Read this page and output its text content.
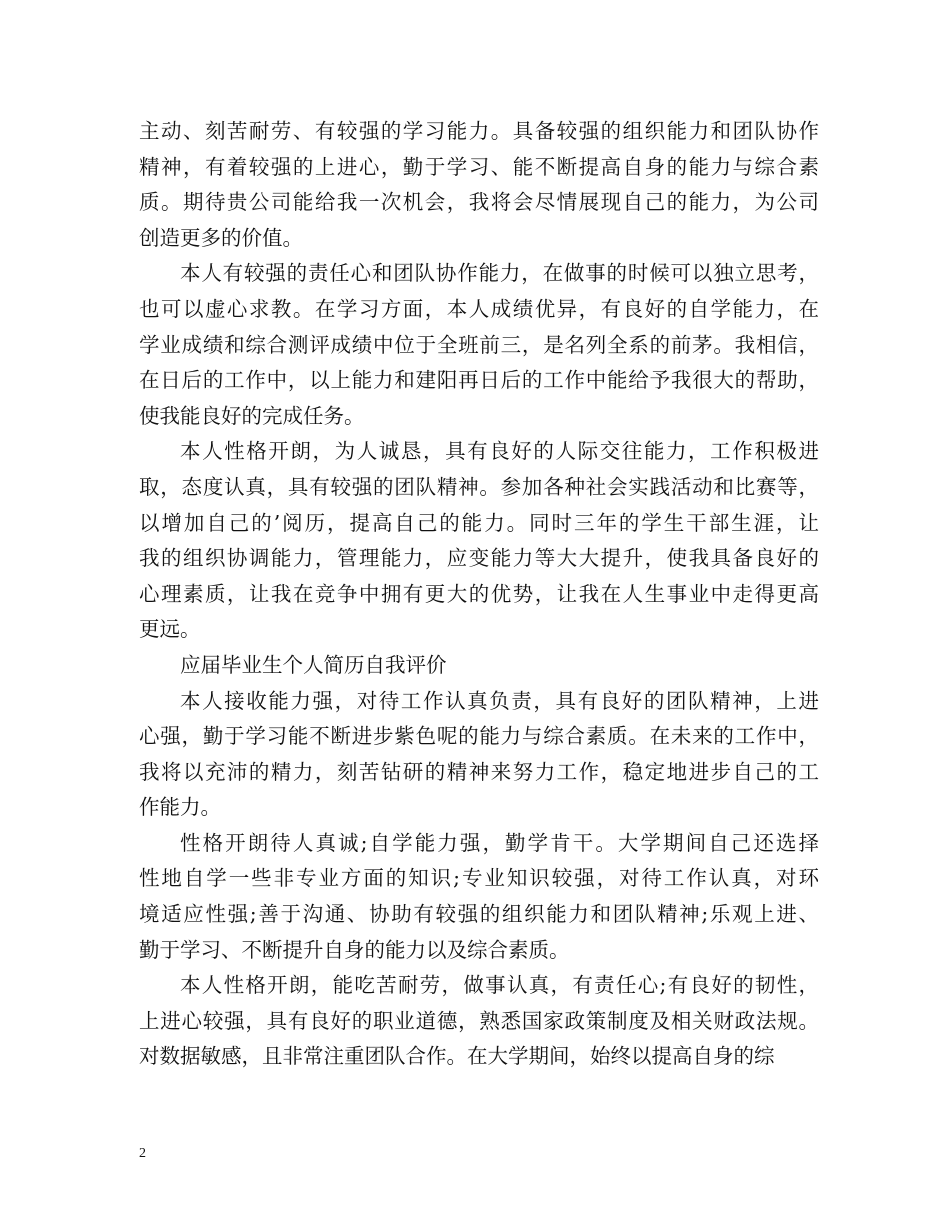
主动、刻苦耐劳、有较强的学习能力。具备较强的组织能力和团队协作
精神，有着较强的上进心，勤于学习、能不断提高自身的能力与综合素
质。期待贵公司能给我一次机会，我将会尽情展现自己的能力，为公司
创造更多的价值。
本人有较强的责任心和团队协作能力，在做事的时候可以独立思考，
也可以虚心求教。在学习方面，本人成绩优异，有良好的自学能力，在
学业成绩和综合测评成绩中位于全班前三，是名列全系的前茅。我相信，
在日后的工作中，以上能力和建阳再日后的工作中能给予我很大的帮助，
使我能良好的完成任务。
本人性格开朗，为人诚恳，具有良好的人际交往能力，工作积极进
取，态度认真，具有较强的团队精神。参加各种社会实践活动和比赛等，
以增加自己的’阅历，提高自己的能力。同时三年的学生干部生涯，让
我的组织协调能力，管理能力，应变能力等大大提升，使我具备良好的
心理素质，让我在竞争中拥有更大的优势，让我在人生事业中走得更高
更远。
应届毕业生个人简历自我评价
本人接收能力强，对待工作认真负责，具有良好的团队精神，上进
心强，勤于学习能不断进步紫色呢的能力与综合素质。在未来的工作中，
我将以充沛的精力，刻苦钻研的精神来努力工作，稳定地进步自己的工
作能力。
性格开朗待人真诚;自学能力强，勤学肯干。大学期间自己还选择
性地自学一些非专业方面的知识;专业知识较强，对待工作认真，对环
境适应性强;善于沟通、协助有较强的组织能力和团队精神;乐观上进、
勤于学习、不断提升自身的能力以及综合素质。
本人性格开朗，能吃苦耐劳，做事认真，有责任心;有良好的韧性，
上进心较强，具有良好的职业道德，熟悉国家政策制度及相关财政法规。
对数据敏感，且非常注重团队合作。在大学期间，始终以提高自身的综
2
